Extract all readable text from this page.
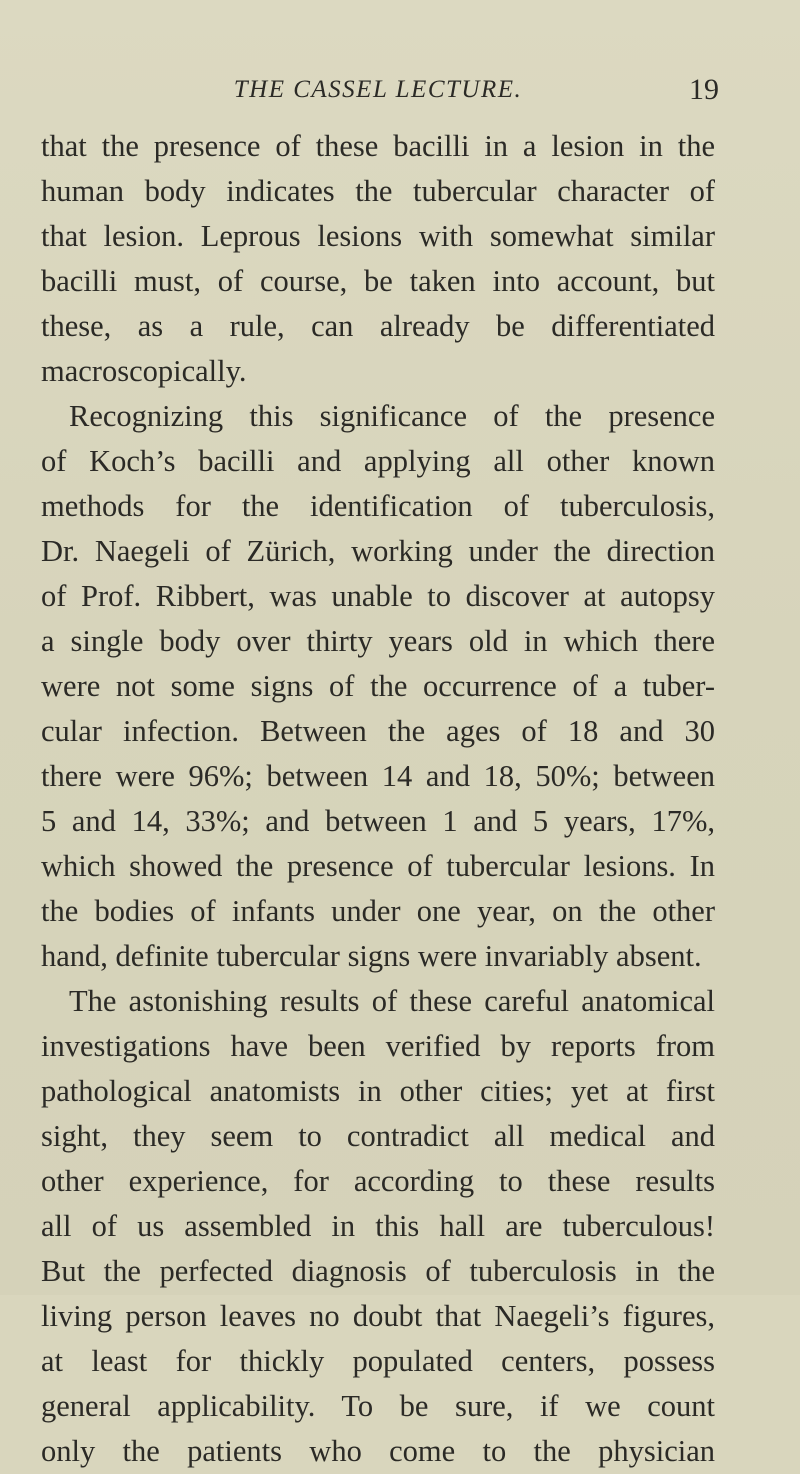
THE CASSEL LECTURE.	19
that the presence of these bacilli in a lesion in the
human body indicates the tubercular character of
that lesion. Leprous lesions with somewhat similar
bacilli must, of course, be taken into account, but
these, as a rule, can already be differentiated
macroscopically.
Recognizing this significance of the presence
of Koch’s bacilli and applying all other known
methods for the identification of tuberculosis,
Dr. Naegeli of Zürich, working under the direction
of Prof. Ribbert, was unable to discover at autopsy
a single body over thirty years old in which there
were not some signs of the occurrence of a tuber-
cular infection. Between the ages of 18 and 30
there were 96%; between 14 and 18, 50%; between
5 and 14, 33%; and between 1 and 5 years, 17%,
which showed the presence of tubercular lesions. In
the bodies of infants under one year, on the other
hand, definite tubercular signs were invariably absent.
The astonishing results of these careful anatomical
investigations have been verified by reports from
pathological anatomists in other cities; yet at first
sight, they seem to contradict all medical and
other experience, for according to these results
all of us assembled in this hall are tuberculous!
But the perfected diagnosis of tuberculosis in the
living person leaves no doubt that Naegeli’s figures,
at least for thickly populated centers, possess
general applicability. To be sure, if we count
only the patients who come to the physician
